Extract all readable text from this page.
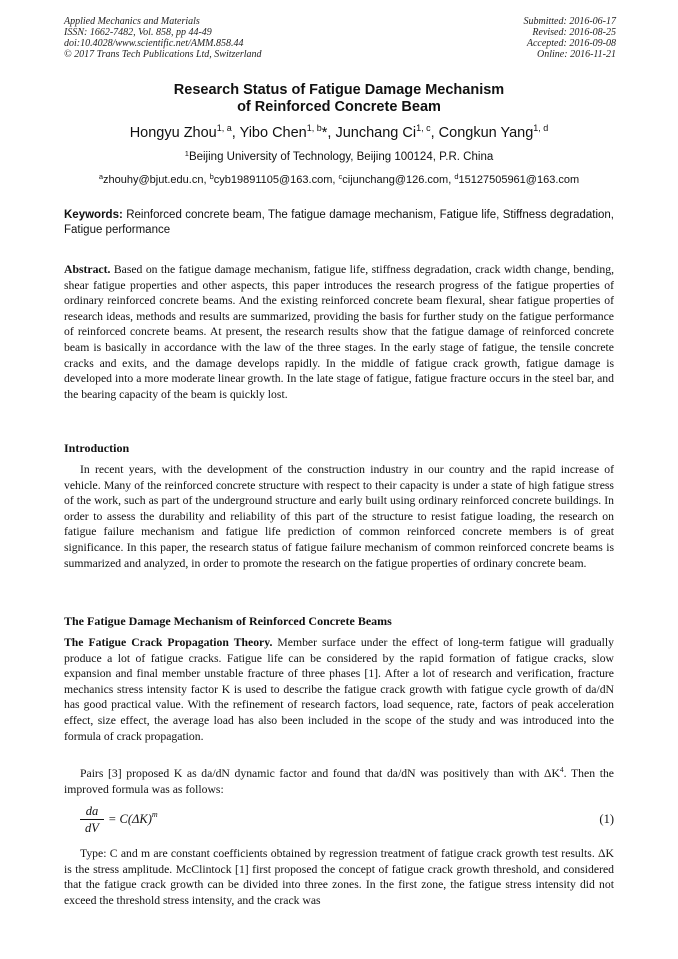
Applied Mechanics and Materials
ISSN: 1662-7482, Vol. 858, pp 44-49
doi:10.4028/www.scientific.net/AMM.858.44
© 2017 Trans Tech Publications Ltd, Switzerland
Submitted: 2016-06-17
Revised: 2016-08-25
Accepted: 2016-09-08
Online: 2016-11-21
Research Status of Fatigue Damage Mechanism
of Reinforced Concrete Beam
Hongyu Zhou$^{1, a}$, Yibo Chen$^{1, b}$*, Junchang Ci$^{1, c}$, Congkun Yang$^{1, d}$
$^1$Beijing University of Technology, Beijing 100124, P.R. China
$^a$zhouhy@bjut.edu.cn, $^b$cyb19891105@163.com, $^c$cijunchang@126.com, $^d$15127505961@163.com
Keywords: Reinforced concrete beam, The fatigue damage mechanism, Fatigue life, Stiffness degradation, Fatigue performance
Abstract. Based on the fatigue damage mechanism, fatigue life, stiffness degradation, crack width change, bending, shear fatigue properties and other aspects, this paper introduces the research progress of the fatigue properties of ordinary reinforced concrete beams. And the existing reinforced concrete beam flexural, shear fatigue properties of research ideas, methods and results are summarized, providing the basis for further study on the fatigue performance of reinforced concrete beams. At present, the research results show that the fatigue damage of reinforced concrete beam is basically in accordance with the law of the three stages. In the early stage of fatigue, the tensile concrete cracks and exits, and the damage develops rapidly. In the middle of fatigue crack growth, fatigue damage is developed into a more moderate linear growth. In the late stage of fatigue, fatigue fracture occurs in the steel bar, and the bearing capacity of the beam is quickly lost.
Introduction
In recent years, with the development of the construction industry in our country and the rapid increase of vehicle. Many of the reinforced concrete structure with respect to their capacity is under a state of high fatigue stress of the work, such as part of the underground structure and early built using ordinary reinforced concrete buildings. In order to assess the durability and reliability of this part of the structure to resist fatigue loading, the research on fatigue failure mechanism and fatigue life prediction of common reinforced concrete members is of great significance. In this paper, the research status of fatigue failure mechanism of common reinforced concrete beams is summarized and analyzed, in order to promote the research on the fatigue properties of ordinary concrete beam.
The Fatigue Damage Mechanism of Reinforced Concrete Beams
The Fatigue Crack Propagation Theory. Member surface under the effect of long-term fatigue will gradually produce a lot of fatigue cracks. Fatigue life can be considered by the rapid formation of fatigue cracks, slow expansion and final member unstable fracture of three phases [1]. After a lot of research and verification, fracture mechanics stress intensity factor K is used to describe the fatigue crack growth with fatigue cycle growth of da/dN has good practical value. With the refinement of research factors, load sequence, rate, factors of peak acceleration effect, size effect, the average load has also been included in the scope of the study and was introduced into the formula of crack propagation.
Pairs [3] proposed K as da/dN dynamic factor and found that da/dN was positively than with $\Delta K^4$. Then the improved formula was as follows:
$\frac{da}{dV} = C(\Delta K)^m$	(1)
Type: C and m are constant coefficients obtained by regression treatment of fatigue crack growth test results. ΔK is the stress amplitude. McClintock [1] first proposed the concept of fatigue crack growth threshold, and considered that the fatigue crack growth can be divided into three zones. In the first zone, the fatigue stress intensity did not exceed the threshold stress intensity, and the crack was
